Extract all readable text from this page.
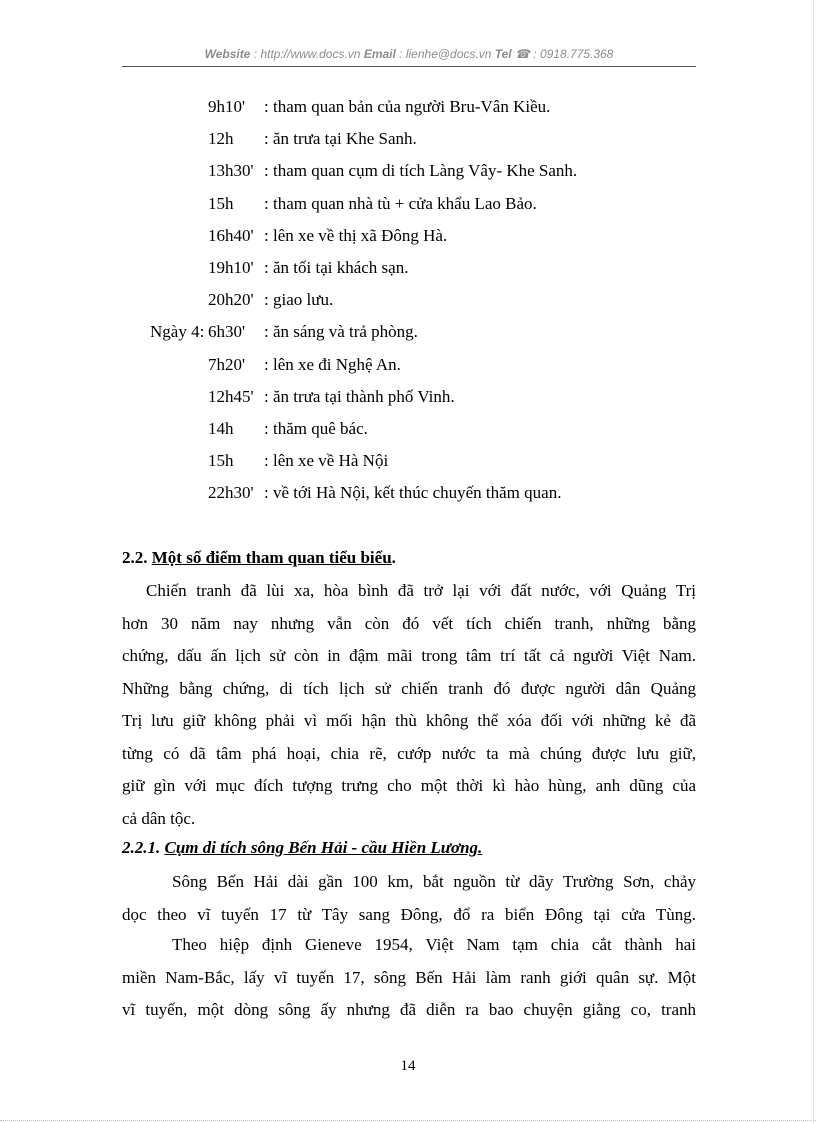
Website : http://www.docs.vn Email : lienhe@docs.vn Tel ☎ : 0918.775.368
9h10' : tham quan bản của người Bru-Vân Kiều.
12h : ăn trưa tại Khe Sanh.
13h30' : tham quan cụm di tích Làng Vây- Khe Sanh.
15h : tham quan nhà tù + cửa khẩu Lao Bảo.
16h40' : lên xe về thị xã Đông Hà.
19h10' : ăn tối tại khách sạn.
20h20' : giao lưu.
Ngày 4: 6h30' : ăn sáng và trả phòng.
7h20' : lên xe đi Nghệ An.
12h45' : ăn trưa tại thành phố Vinh.
14h : thăm quê bác.
15h : lên xe về Hà Nội
22h30' : về tới Hà Nội, kết thúc chuyến thăm quan.
2.2. Một số điểm tham quan tiểu biểu.
Chiến tranh đã lùi xa, hòa bình đã trở lại với đất nước, với Quảng Trị
hơn 30 năm nay nhưng vẫn còn đó vết tích chiến tranh, những bằng
chứng, dấu ấn lịch sử còn in đậm mãi trong tâm trí tất cả người Việt Nam.
Những bằng chứng, di tích lịch sử chiến tranh đó được người dân Quảng
Trị lưu giữ không phải vì mối hận thù không thể xóa đối với những kẻ đã
từng có dã tâm phá hoại, chia rẽ, cướp nước ta mà chúng được lưu giữ,
giữ gìn với mục đích tượng trưng cho một thời kì hào hùng, anh dũng của
cả dân tộc.
2.2.1. Cụm di tích sông Bến Hải - cầu Hiền Lương.
Sông Bến Hải dài gần 100 km, bắt nguồn từ dãy Trường Sơn, chảy
dọc theo vĩ tuyến 17 từ Tây sang Đông, đổ ra biển Đông tại cửa Tùng.
Theo hiệp định Gieneve 1954, Việt Nam tạm chia cắt thành hai
miền Nam-Bắc, lấy vĩ tuyến 17, sông Bến Hải làm ranh giới quân sự. Một
vĩ tuyến, một dòng sông ấy nhưng đã diễn ra bao chuyện giằng co, tranh
14
